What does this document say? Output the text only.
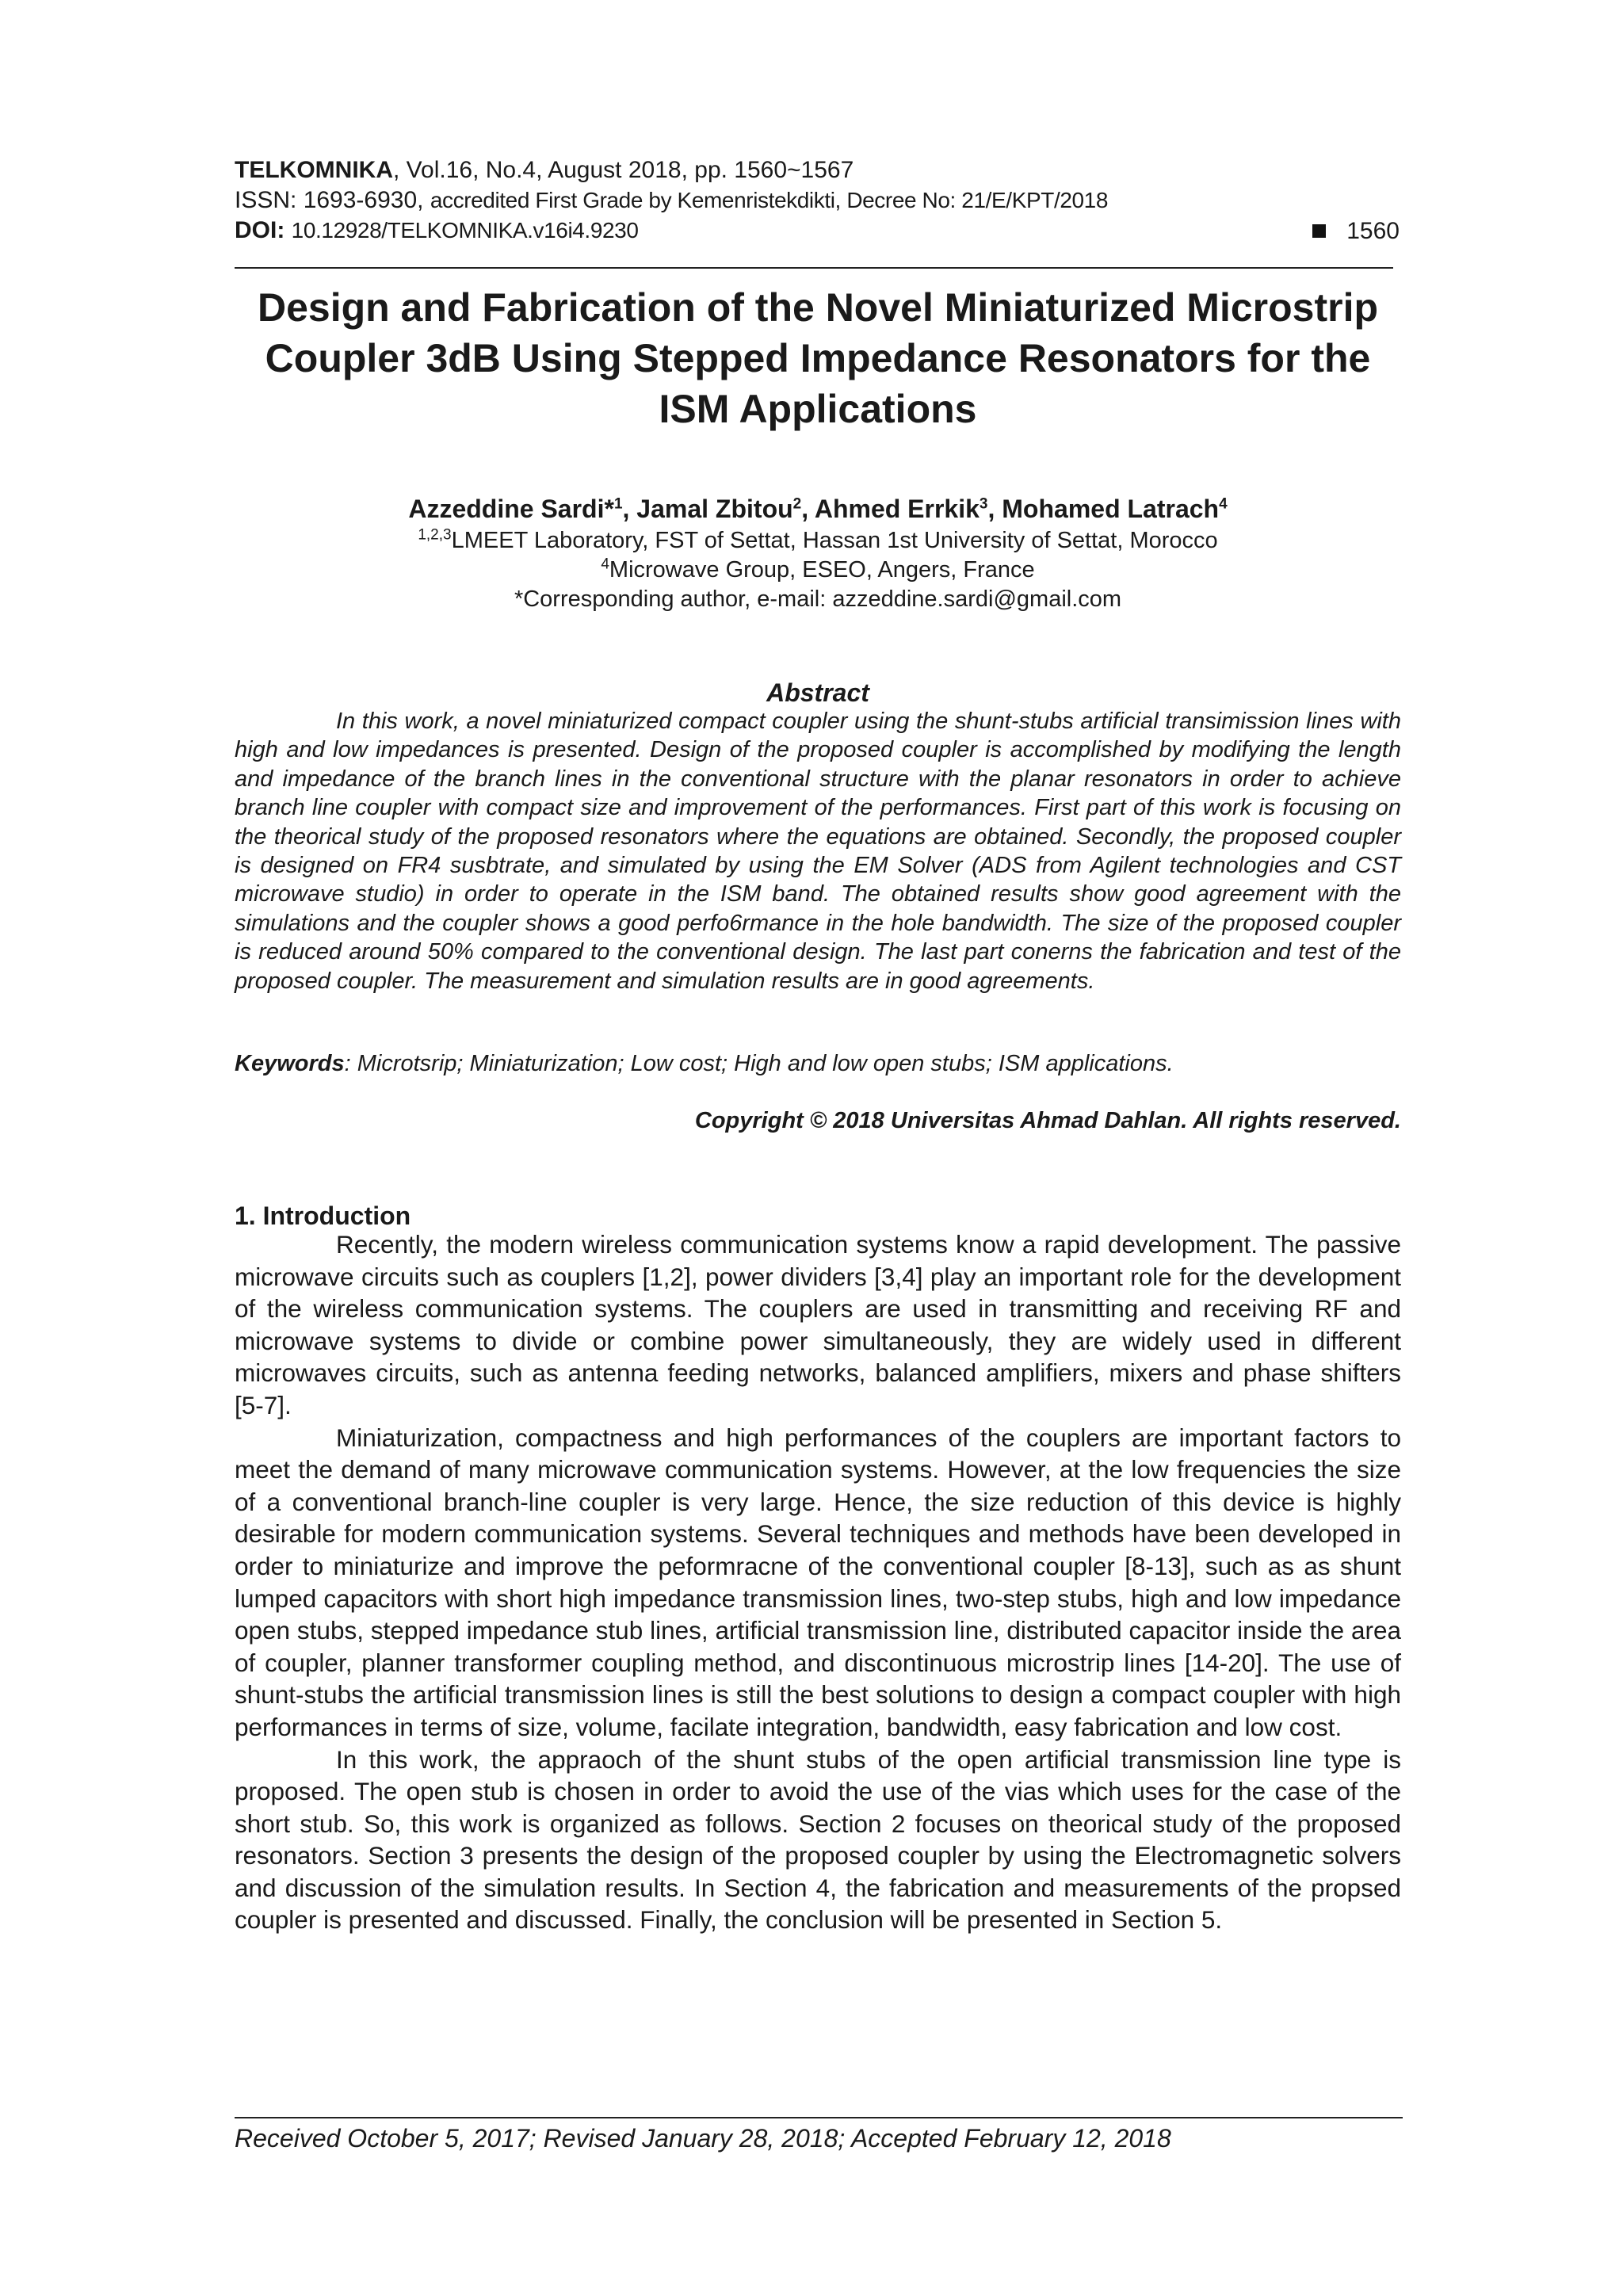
TELKOMNIKA, Vol.16, No.4, August 2018, pp. 1560~1567
ISSN: 1693-6930, accredited First Grade by Kemenristekdikti, Decree No: 21/E/KPT/2018
DOI: 10.12928/TELKOMNIKA.v16i4.9230	1560
Design and Fabrication of the Novel Miniaturized Microstrip Coupler 3dB Using Stepped Impedance Resonators for the ISM Applications
Azzeddine Sardi*$^1$, Jamal Zbitou$^2$, Ahmed Errkik$^3$, Mohamed Latrach$^4$
$^{1,2,3}$LMEET Laboratory, FST of Settat, Hassan 1st University of Settat, Morocco
$^4$Microwave Group, ESEO, Angers, France
*Corresponding author, e-mail: azzeddine.sardi@gmail.com
Abstract
In this work, a novel miniaturized compact coupler using the shunt-stubs artificial transimission lines with high and low impedances is presented. Design of the proposed coupler is accomplished by modifying the length and impedance of the branch lines in the conventional structure with the planar resonators in order to achieve branch line coupler with compact size and improvement of the performances. First part of this work is focusing on the theorical study of the proposed resonators where the equations are obtained. Secondly, the proposed coupler is designed on FR4 susbtrate, and simulated by using the EM Solver (ADS from Agilent technologies and CST microwave studio) in order to operate in the ISM band. The obtained results show good agreement with the simulations and the coupler shows a good perfo6rmance in the hole bandwidth. The size of the proposed coupler is reduced around 50% compared to the conventional design. The last part conerns the fabrication and test of the proposed coupler. The measurement and simulation results are in good agreements.
Keywords: Microtsrip; Miniaturization; Low cost; High and low open stubs; ISM applications.
Copyright © 2018 Universitas Ahmad Dahlan. All rights reserved.
1. Introduction

Recently, the modern wireless communication systems know a rapid development. The passive microwave circuits such as couplers [1,2], power dividers [3,4] play an important role for the development of the wireless communication systems. The couplers are used in transmitting and receiving RF and microwave systems to divide or combine power simultaneously, they are widely used in different microwaves circuits, such as antenna feeding networks, balanced amplifiers, mixers and phase shifters [5-7].

Miniaturization, compactness and high performances of the couplers are important factors to meet the demand of many microwave communication systems. However, at the low frequencies the size of a conventional branch-line coupler is very large. Hence, the size reduction of this device is highly desirable for modern communication systems. Several techniques and methods have been developed in order to miniaturize and improve the peformracne of the conventional coupler [8-13], such as as shunt lumped capacitors with short high impedance transmission lines, two-step stubs, high and low impedance open stubs, stepped impedance stub lines, artificial transmission line, distributed capacitor inside the area of coupler, planner transformer coupling method, and discontinuous microstrip lines [14-20]. The use of shunt-stubs the artificial transmission lines is still the best solutions to design a compact coupler with high performances in terms of size, volume, facilate integration, bandwidth, easy fabrication and low cost.

In this work, the appraoch of the shunt stubs of the open artificial transmission line type is proposed. The open stub is chosen in order to avoid the use of the vias which uses for the case of the short stub. So, this work is organized as follows. Section 2 focuses on theorical study of the proposed resonators. Section 3 presents the design of the proposed coupler by using the Electromagnetic solvers and discussion of the simulation results. In Section 4, the fabrication and measurements of the propsed coupler is presented and discussed. Finally, the conclusion will be presented in Section 5.

Received October 5, 2017; Revised January 28, 2018; Accepted February 12, 2018
